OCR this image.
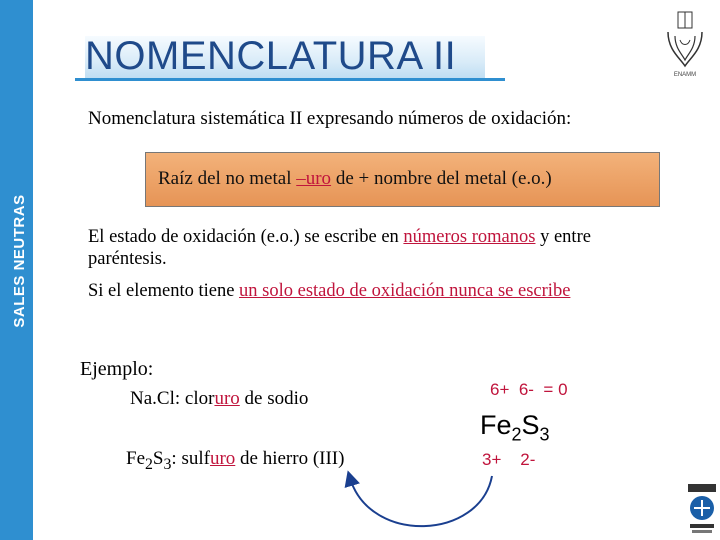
SALES NEUTRAS
NOMENCLATURA II	ENAMM
Nomenclatura sistemática II expresando números de oxidación:
Raíz del no metal –uro de + nombre del metal (e.o.)
El estado de oxidación (e.o.) se escribe en números romanos y entre
paréntesis.
Si el elemento tiene un solo estado de oxidación nunca se escribe
Ejemplo:
Na.Cl: cloruro de sodio
$Fe_2S_3$: sulfuro de hierro (III)
6+ 6- = 0
$Fe_2S_3$
3+ 2-
